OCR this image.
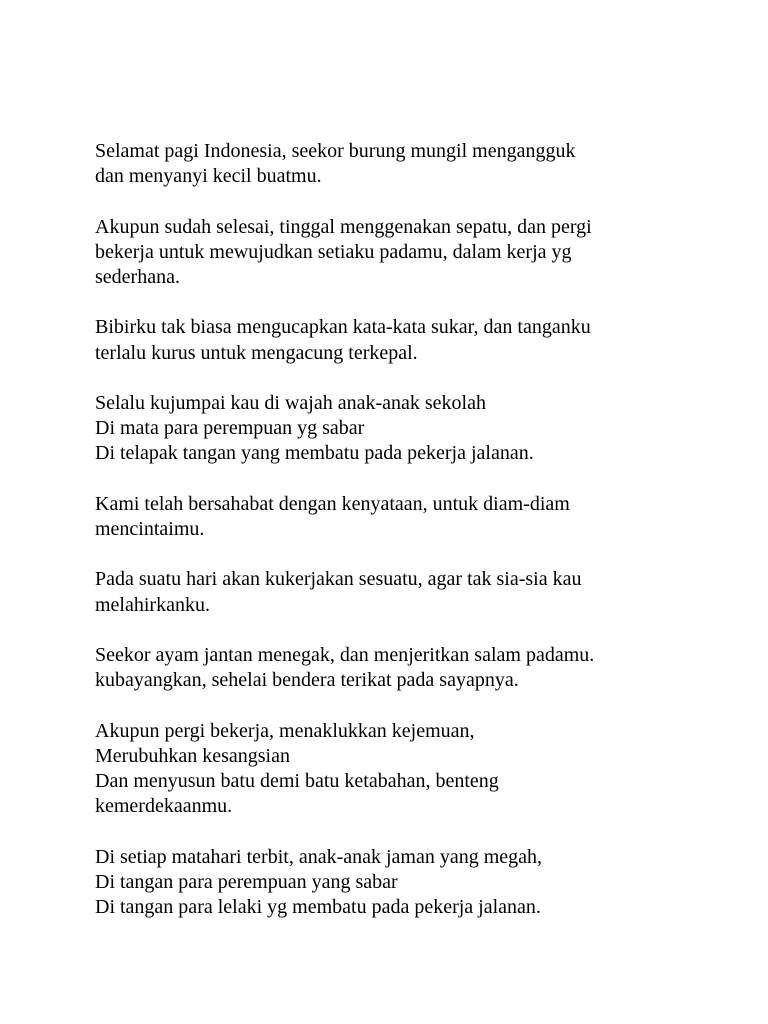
Selamat pagi Indonesia, seekor burung mungil mengangguk
dan menyanyi kecil buatmu.

Akupun sudah selesai, tinggal menggenakan sepatu, dan pergi
bekerja untuk mewujudkan setiaku padamu, dalam kerja yg
sederhana.

Bibirku tak biasa mengucapkan kata-kata sukar, dan tanganku
terlalu kurus untuk mengacung terkepal.

Selalu kujumpai kau di wajah anak-anak sekolah
Di mata para perempuan yg sabar
Di telapak tangan yang membatu pada pekerja jalanan.

Kami telah bersahabat dengan kenyataan, untuk diam-diam
mencintaimu.

Pada suatu hari akan kukerjakan sesuatu, agar tak sia-sia kau
melahirkanku.

Seekor ayam jantan menegak, dan menjeritkan salam padamu.
kubayangkan, sehelai bendera terikat pada sayapnya.

Akupun pergi bekerja, menaklukkan kejemuan,
Merubuhkan kesangsian
Dan menyusun batu demi batu ketabahan, benteng
kemerdekaanmu.

Di setiap matahari terbit, anak-anak jaman yang megah,
Di tangan para perempuan yang sabar
Di tangan para lelaki yg membatu pada pekerja jalanan.
